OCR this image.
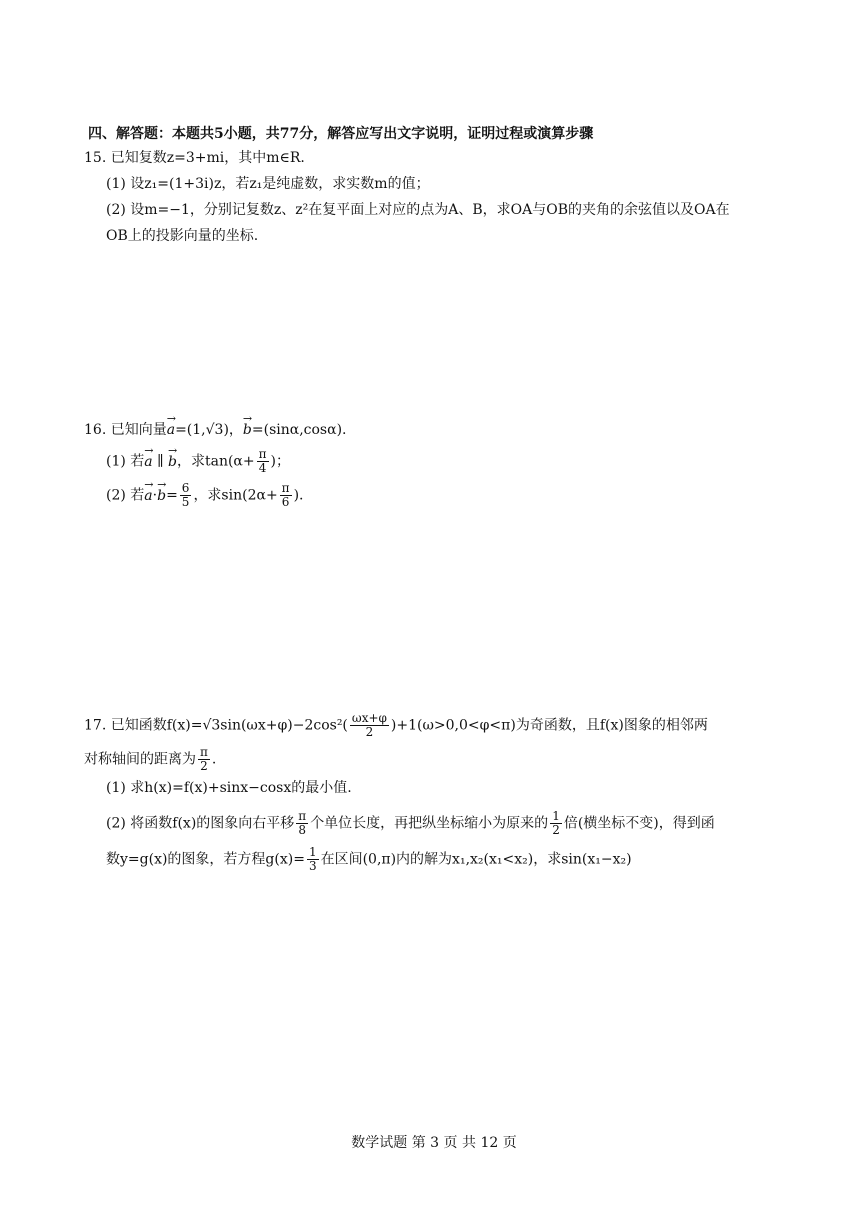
四、解答题：本题共5小题，共77分，解答应写出文字说明，证明过程或演算步骤
15. 已知复数z=3+mi，其中m∈R.
(1) 设z₁=(1+3i)z，若z₁是纯虚数，求实数m的值；
(2) 设m=−1，分别记复数z、z²在复平面上对应的点为A、B，求OA与OB的夹角的余弦值以及OA在
OB上的投影向量的坐标.
16. 已知向量→ a=(1,√3)，→ b=(sinα,cosα).
(1) 若→ a ∥ → b，求$\tan(\alpha+ \frac{\pi}{4}$ )；
(2) 若→ $a\cdot\to b= \frac{6}{5}$ ，求$\sin(2\alpha+ \frac{\pi}{6}$ ).
17. 已知函数$f(x)=√3\sin(\omega x+\varphi)-2\cos^2( \frac{\omega x+\varphi}{2} )+1(\omega>0,0<\varphi<\pi)$为奇函数，且f(x)图象的相邻两
对称轴间的距离为 $\frac{\pi}{2}$ .
(1) 求h(x)=f(x)+sinx−cosx的最小值.
(2) 将函数f(x)的图象向右平移 $\frac{\pi}{8}$ 个单位长度，再把纵坐标缩小为原来的 $\frac{1}{2}$ 倍(横坐标不变)，得到函
数y=g(x)的图象，若方程$g(x)= \frac{1}{3}$ 在区间(0,π)内的解为x₁,x₂(x₁<x₂)，求sin(x₁−x₂)
数学试题 第 3 页 共 12 页
